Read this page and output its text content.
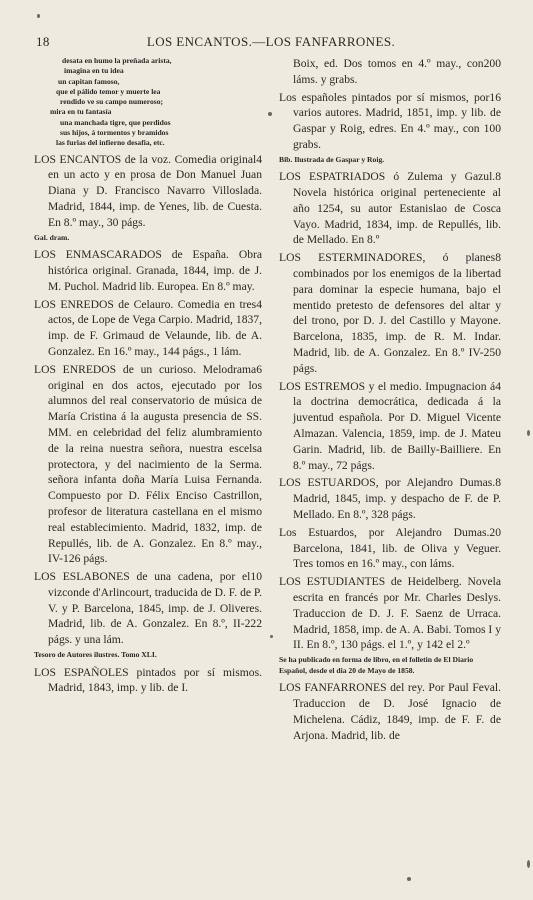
18	LOS ENCANTOS.—LOS FANFARRONES.
desata en humo la preñada arista,
imagina en tu idea
un capitan famoso,
que el pálido temor y muerte lea
rendido ve su campo numeroso;
mira en tu fantasía
una manchada tigre, que perdidos
sus hijos, á tormentos y bramidos
las furias del infierno desafia, etc.

4
LOS ENCANTOS de la voz. Comedia original en un acto y en prosa de Don Manuel Juan Diana y D. Francisco Navarro Villoslada. Madrid, 1844, imp. de Yenes, lib. de Cuesta. En 8.º may., 30 págs.

Gal. dram.

LOS ENMASCARADOS de España. Obra histórica original. Granada, 1844, imp. de J. M. Puchol. Madrid lib. Europea. En 8.º may.

4
LOS ENREDOS de Celauro. Comedia en tres actos, de Lope de Vega Carpio. Madrid, 1837, imp. de F. Grimaud de Velaunde, lib. de A. Gonzalez. En 16.º may., 144 págs., 1 lám.

6
LOS ENREDOS de un curioso. Melodrama original en dos actos, ejecutado por los alumnos del real conservatorio de música de María Cristina á la augusta presencia de SS. MM. en celebridad del feliz alumbramiento de la reina nuestra señora, nuestra escelsa protectora, y del nacimiento de la Serma. señora infanta doña María Luisa Fernanda. Compuesto por D. Félix Enciso Castrillon, profesor de literatura castellana en el mismo real establecimiento. Madrid, 1832, imp. de Repullés, lib. de A. Gonzalez. En 8.º may., IV-126 págs.

10
LOS ESLABONES de una cadena, por el vizconde d'Arlincourt, traducida de D. F. de P. V. y P. Barcelona, 1845, imp. de J. Oliveres. Madrid, lib. de A. Gonzalez. En 8.º, II-222 págs. y una lám.

Tesoro de Autores ilustres. Tomo XLI.

LOS ESPAÑOLES pintados por sí mismos. Madrid, 1843, imp. y lib. de I.

200
Boix, ed. Dos tomos en 4.º may., con láms. y grabs.

16
Los españoles pintados por sí mismos, por varios autores. Madrid, 1851, imp. y lib. de Gaspar y Roig, edres. En 4.º may., con 100 grabs.

Bib. Ilustrada de Gaspar y Roig.

8
LOS ESPATRIADOS ó Zulema y Gazul. Novela histórica original perteneciente al año 1254, su autor Estanislao de Cosca Vayo. Madrid, 1834, imp. de Repullés, lib. de Mellado. En 8.º

8
LOS ESTERMINADORES, ó planes combinados por los enemigos de la libertad para dominar la especie humana, bajo el mentido pretesto de defensores del altar y del trono, por D. J. del Castillo y Mayone. Barcelona, 1835, imp. de R. M. Indar. Madrid, lib. de A. Gonzalez. En 8.º IV-250 págs.

4
LOS ESTREMOS y el medio. Impugnacion á la doctrina democrática, dedicada á la juventud española. Por D. Miguel Vicente Almazan. Valencia, 1859, imp. de J. Mateu Garin. Madrid, lib. de Bailly-Bailliere. En 8.º may., 72 págs.

8
LOS ESTUARDOS, por Alejandro Dumas. Madrid, 1845, imp. y despacho de F. de P. Mellado. En 8.º, 328 págs.

20
Los Estuardos, por Alejandro Dumas. Barcelona, 1841, lib. de Oliva y Veguer. Tres tomos en 16.º may., con láms.

LOS ESTUDIANTES de Heidelberg. Novela escrita en francés por Mr. Charles Deslys. Traduccion de D. J. F. Saenz de Urraca. Madrid, 1858, imp. de A. A. Babi. Tomos I y II. En 8.º, 130 págs. el 1.º, y 142 el 2.º

Se ha publicado en forma de libro, en el folletin de El Diario Español, desde el dia 20 de Mayo de 1858.

LOS FANFARRONES del rey. Por Paul Feval. Traduccion de D. José Ignacio de Michelena. Cádiz, 1849, imp. de F. F. de Arjona. Madrid, lib. de
